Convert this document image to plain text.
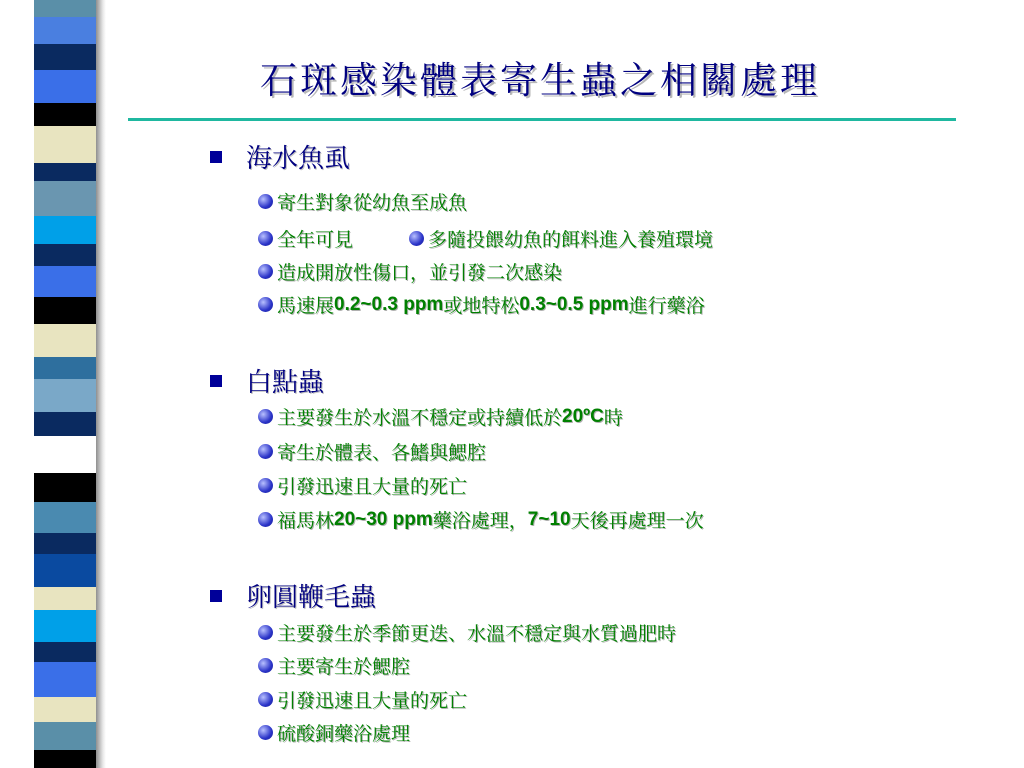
石斑感染體表寄生蟲之相關處理
海水魚虱
寄生對象從幼魚至成魚
全年可見	多隨投餵幼魚的餌料進入養殖環境
造成開放性傷口，並引發二次感染
馬速展 0.2~0.3 ppm 或地特松 0.3~0.5 ppm 進行藥浴
白點蟲
主要發生於水溫不穩定或持續低於 20ºC 時
寄生於體表、各鰭與鰓腔
引發迅速且大量的死亡
福馬林 20~30 ppm 藥浴處理， 7~10 天後再處理一次
卵圓鞭毛蟲
主要發生於季節更迭、水溫不穩定與水質過肥時
主要寄生於鰓腔
引發迅速且大量的死亡
硫酸銅藥浴處理
